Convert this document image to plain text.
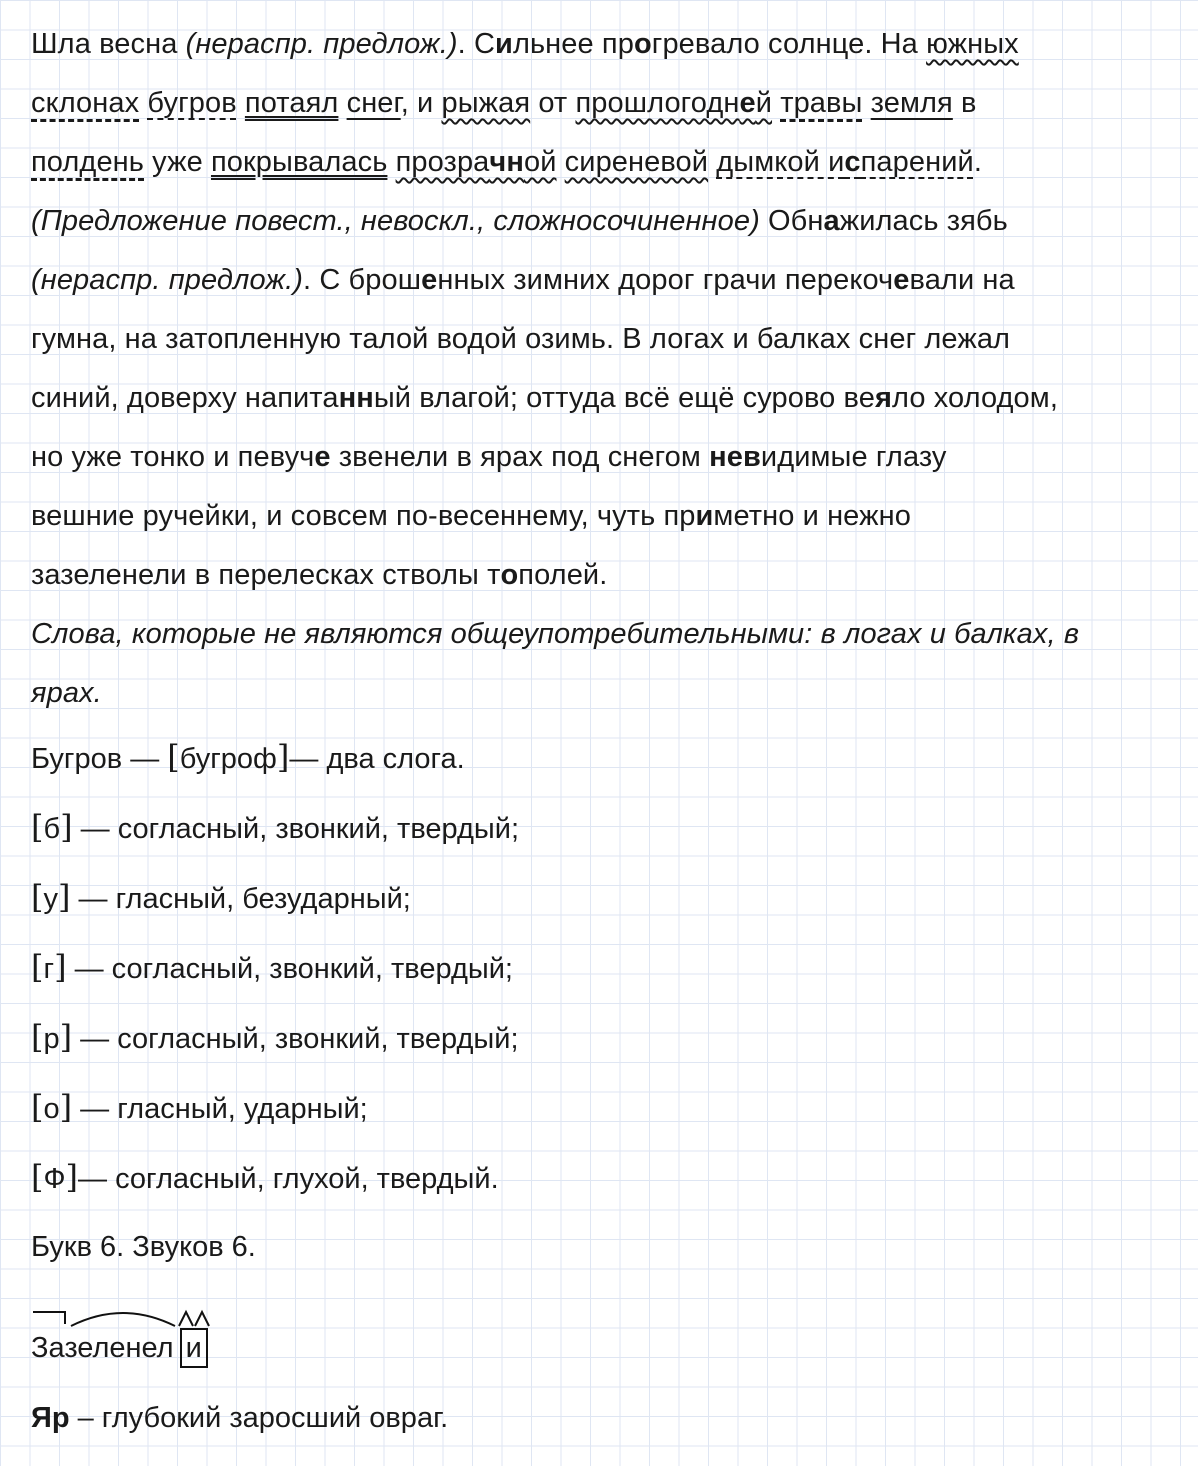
Шла весна (нераспр. предлож.). Сильнее прогревало солнце. На южных
склонах бугров потаял снег, и рыжая от прошлогодней травы земля в
полдень уже покрывалась прозрачной сиреневой дымкой испарений.
(Предложение повест., невоскл., сложносочиненное) Обнажилась зябь
(нераспр. предлож.). С брошенных зимних дорог грачи перекочевали на
гумна, на затопленную талой водой озимь. В логах и балках снег лежал
синий, доверху напитанный влагой; оттуда всё ещё сурово веяло холодом,
но уже тонко и певуче звенели в ярах под снегом невидимые глазу
вешние ручейки, и совсем по-весеннему, чуть приметно и нежно
зазеленели в перелесках стволы тополей.
Слова, которые не являются общеупотребительными: в логах и балках, в
ярах.
Бугров — [бугроф]— два слога.
[б] — согласный, звонкий, твердый;
[у] — гласный, безударный;
[г] — согласный, звонкий, твердый;
[р] — согласный, звонкий, твердый;
[о] — гласный, ударный;
[Ф]— согласный, глухой, твердый.
Букв 6. Звуков 6.
Зазеленел и
Яр – глубокий заросший овраг.
